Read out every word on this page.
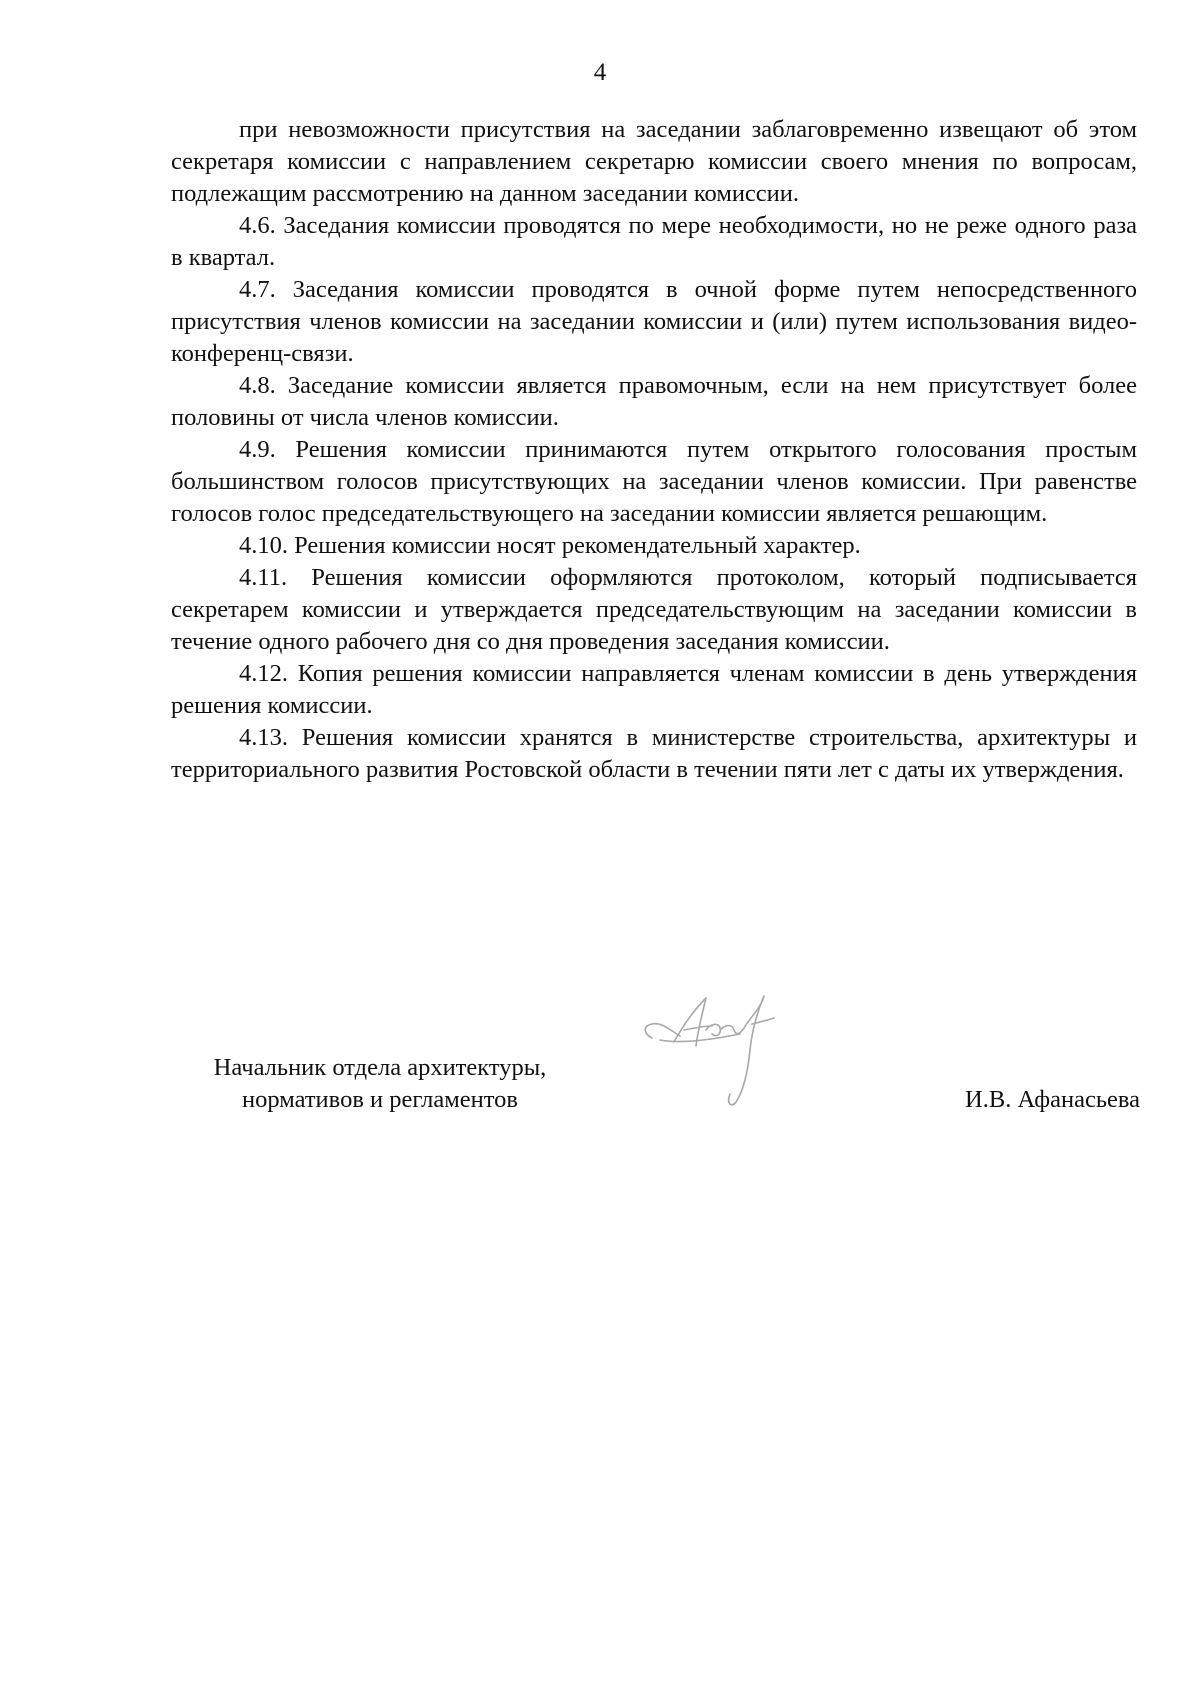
4

при невозможности присутствия на заседании заблаговременно извещают об этом секретаря комиссии с направлением секретарю комиссии своего мнения по вопросам, подлежащим рассмотрению на данном заседании комиссии.

4.6. Заседания комиссии проводятся по мере необходимости, но не реже одного раза в квартал.

4.7. Заседания комиссии проводятся в очной форме путем непосредственного присутствия членов комиссии на заседании комиссии и (или) путем использования видео-конференц-связи.

4.8. Заседание комиссии является правомочным, если на нем присутствует более половины от числа членов комиссии.

4.9. Решения комиссии принимаются путем открытого голосования простым большинством голосов присутствующих на заседании членов комиссии. При равенстве голосов голос председательствующего на заседании комиссии является решающим.

4.10. Решения комиссии носят рекомендательный характер.

4.11. Решения комиссии оформляются протоколом, который подписывается секретарем комиссии и утверждается председательствующим на заседании комиссии в течение одного рабочего дня со дня проведения заседания комиссии.

4.12. Копия решения комиссии направляется членам комиссии в день утверждения решения комиссии.

4.13. Решения комиссии хранятся в министерстве строительства, архитектуры и территориального развития Ростовской области в течении пяти лет с даты их утверждения.

Начальник отдела архитектуры,
нормативов и регламентов	И.В. Афанасьева
